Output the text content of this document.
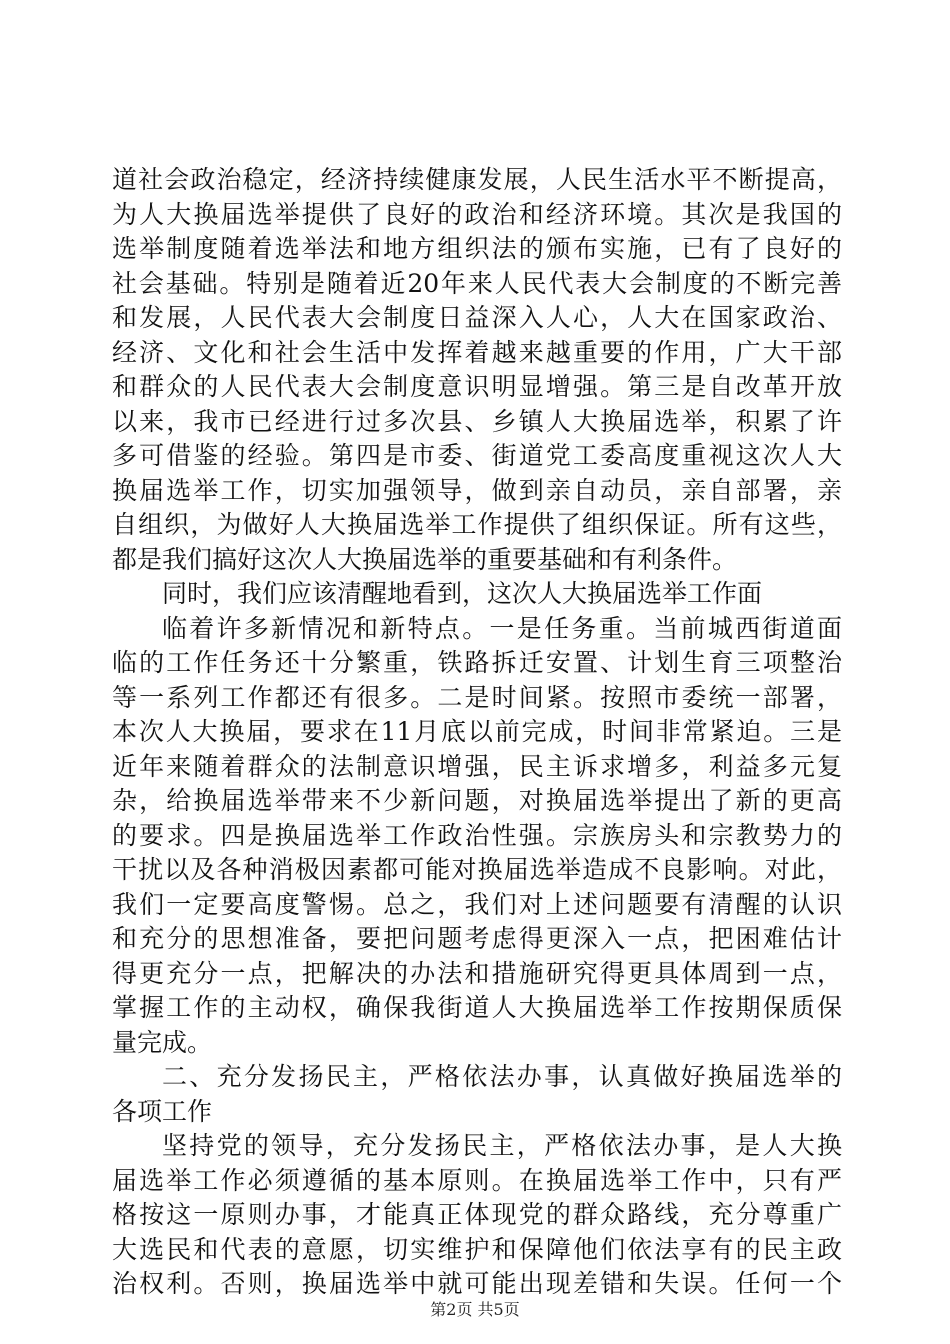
道社会政治稳定，经济持续健康发展，人民生活水平不断提高，
为人大换届选举提供了良好的政治和经济环境。其次是我国的
选举制度随着选举法和地方组织法的颁布实施，已有了良好的
社会基础。特别是随着近20年来人民代表大会制度的不断完善
和发展，人民代表大会制度日益深入人心，人大在国家政治、
经济、文化和社会生活中发挥着越来越重要的作用，广大干部
和群众的人民代表大会制度意识明显增强。第三是自改革开放
以来，我市已经进行过多次县、乡镇人大换届选举，积累了许
多可借鉴的经验。第四是市委、街道党工委高度重视这次人大
换届选举工作，切实加强领导，做到亲自动员，亲自部署，亲
自组织，为做好人大换届选举工作提供了组织保证。所有这些，
都是我们搞好这次人大换届选举的重要基础和有利条件。
同时，我们应该清醒地看到，这次人大换届选举工作面
临着许多新情况和新特点。一是任务重。当前城西街道面
临的工作任务还十分繁重，铁路拆迁安置、计划生育三项整治
等一系列工作都还有很多。二是时间紧。按照市委统一部署，
本次人大换届，要求在11月底以前完成，时间非常紧迫。三是
近年来随着群众的法制意识增强，民主诉求增多，利益多元复
杂，给换届选举带来不少新问题，对换届选举提出了新的更高
的要求。四是换届选举工作政治性强。宗族房头和宗教势力的
干扰以及各种消极因素都可能对换届选举造成不良影响。对此，
我们一定要高度警惕。总之，我们对上述问题要有清醒的认识
和充分的思想准备，要把问题考虑得更深入一点，把困难估计
得更充分一点，把解决的办法和措施研究得更具体周到一点，
掌握工作的主动权，确保我街道人大换届选举工作按期保质保
量完成。
二、充分发扬民主，严格依法办事，认真做好换届选举的
各项工作
坚持党的领导，充分发扬民主，严格依法办事，是人大换
届选举工作必须遵循的基本原则。在换届选举工作中，只有严
格按这一原则办事，才能真正体现党的群众路线，充分尊重广
大选民和代表的意愿，切实维护和保障他们依法享有的民主政
治权利。否则，换届选举中就可能出现差错和失误。任何一个
第2页 共5页
